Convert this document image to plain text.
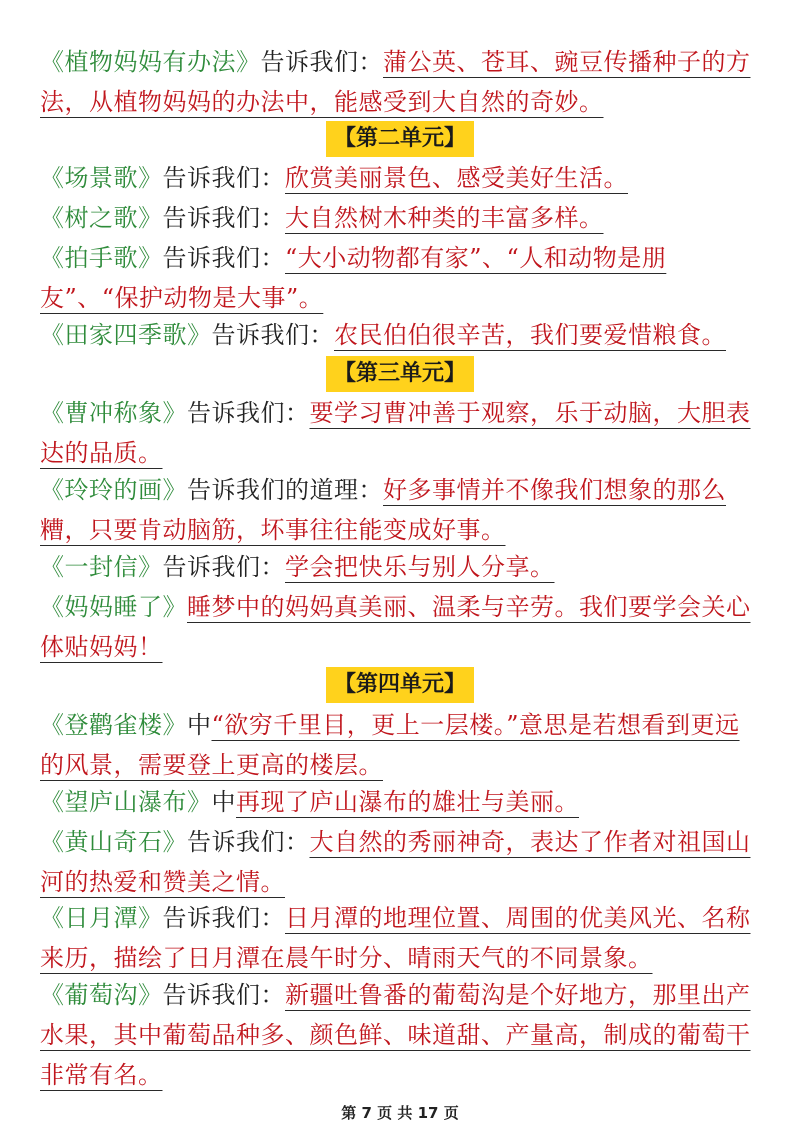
《植物妈妈有办法》告诉我们：蒲公英、苍耳、豌豆传播种子的方法，从植物妈妈的办法中，能感受到大自然的奇妙。
【第二单元】
《场景歌》告诉我们：欣赏美丽景色、感受美好生活。
《树之歌》告诉我们：大自然树木种类的丰富多样。
《拍手歌》告诉我们：“大小动物都有家”、“人和动物是朋友”、“保护动物是大事”。
《田家四季歌》告诉我们：农民伯伯很辛苦，我们要爱惜粮食。
【第三单元】
《曹冲称象》告诉我们：要学习曹冲善于观察，乐于动脑，大胆表达的品质。
《玲玲的画》告诉我们的道理：好多事情并不像我们想象的那么糟，只要肯动脑筋，坏事往往能变成好事。
《一封信》告诉我们：学会把快乐与别人分享。
《妈妈睡了》睡梦中的妈妈真美丽、温柔与辛劳。我们要学会关心体贴妈妈！
【第四单元】
《登鹳雀楼》中“欲穷千里目，更上一层楼。”意思是若想看到更远的风景，需要登上更高的楼层。
《望庐山瀑布》中再现了庐山瀑布的雄壮与美丽。
《黄山奇石》告诉我们：大自然的秀丽神奇，表达了作者对祖国山河的热爱和赞美之情。
《日月潭》告诉我们：日月潭的地理位置、周围的优美风光、名称来历，描绘了日月潭在晨午时分、晴雨天气的不同景象。
《葡萄沟》告诉我们：新疆吐鲁番的葡萄沟是个好地方，那里出产水果，其中葡萄品种多、颜色鲜、味道甜、产量高，制成的葡萄干非常有名。
第 7 页 共 17 页
